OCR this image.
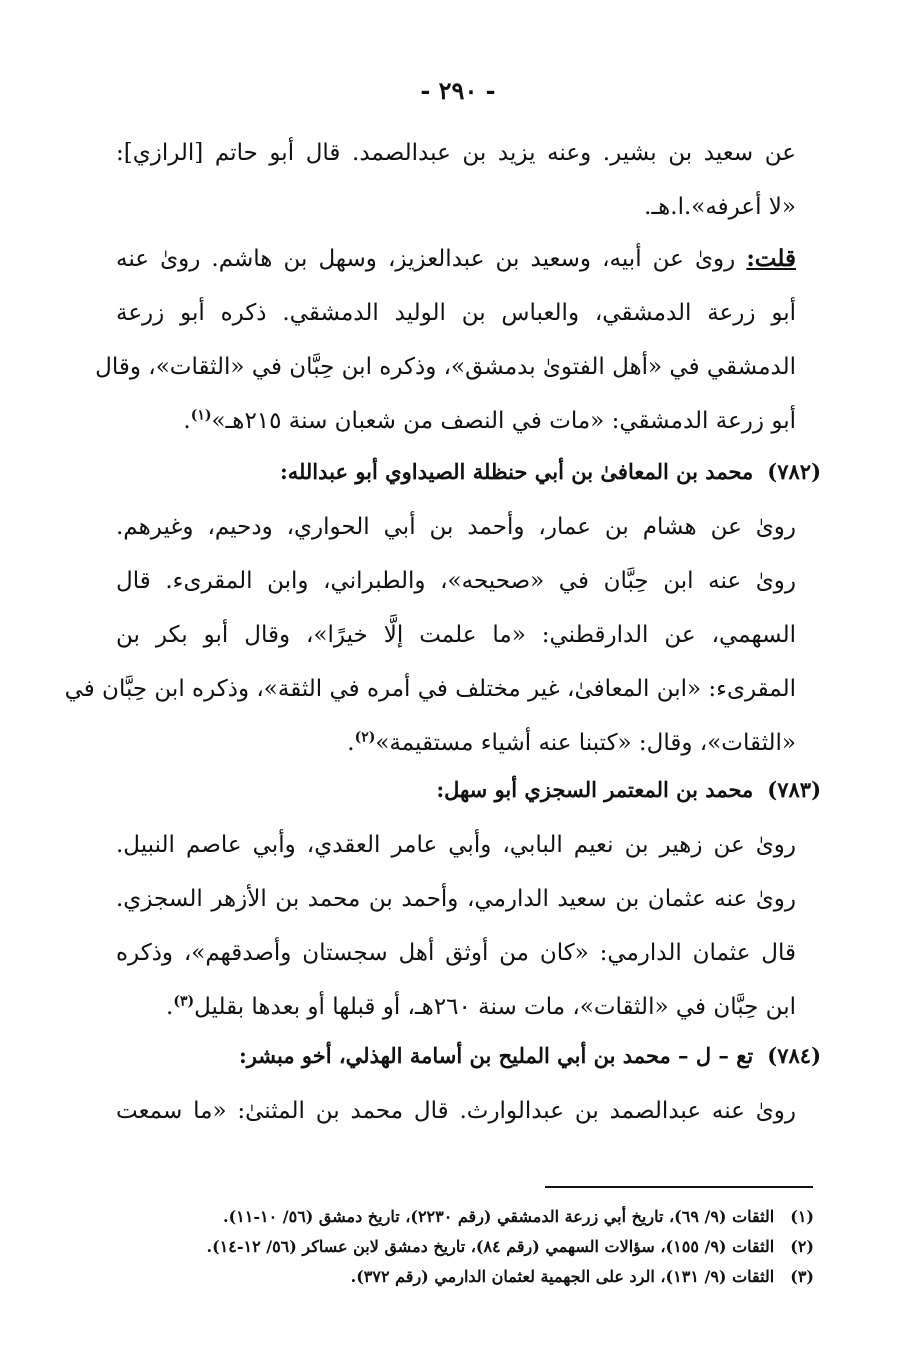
- ٢٩٠ -
عن سعيد بن بشير. وعنه يزيد بن عبدالصمد. قال أبو حاتم [الرازي]:
«لا أعرفه».ا.هـ.
قلت: روىٰ عن أبيه، وسعيد بن عبدالعزيز، وسهل بن هاشم. روىٰ عنه
أبو زرعة الدمشقي، والعباس بن الوليد الدمشقي. ذكره أبو زرعة
الدمشقي في «أهل الفتوىٰ بدمشق»، وذكره ابن حِبَّان في «الثقات»، وقال
أبو زرعة الدمشقي: «مات في النصف من شعبان سنة ٢١٥هـ»$^{(١)}$.
(٧٨٢)محمد بن المعافىٰ بن أبي حنظلة الصيداوي أبو عبدالله:
روىٰ عن هشام بن عمار، وأحمد بن أبي الحواري، ودحيم، وغيرهم.
روىٰ عنه ابن حِبَّان في «صحيحه»، والطبراني، وابن المقرىء. قال
السهمي، عن الدارقطني: «ما علمت إلَّا خيرًا»، وقال أبو بكر بن
المقرىء: «ابن المعافىٰ، غير مختلف في أمره في الثقة»، وذكره ابن حِبَّان في
«الثقات»، وقال: «كتبنا عنه أشياء مستقيمة»$^{(٢)}$.
(٧٨٣)محمد بن المعتمر السجزي أبو سهل:
روىٰ عن زهير بن نعيم البابي، وأبي عامر العقدي، وأبي عاصم النبيل.
روىٰ عنه عثمان بن سعيد الدارمي، وأحمد بن محمد بن الأزهر السجزي.
قال عثمان الدارمي: «كان من أوثق أهل سجستان وأصدقهم»، وذكره
ابن حِبَّان في «الثقات»، مات سنة ٢٦٠هـ، أو قبلها أو بعدها بقليل$^{(٣)}$.
(٧٨٤)تع – ل – محمد بن أبي المليح بن أسامة الهذلي، أخو مبشر:
روىٰ عنه عبدالصمد بن عبدالوارث. قال محمد بن المثنىٰ: «ما سمعت
(١)الثقات (٩/ ٦٩)، تاريخ أبي زرعة الدمشقي (رقم ٢٢٣٠)، تاريخ دمشق (٥٦/ ١٠-١١).
(٢)الثقات (٩/ ١٥٥)، سؤالات السهمي (رقم ٨٤)، تاريخ دمشق لابن عساكر (٥٦/ ١٢-١٤).
(٣)الثقات (٩/ ١٣١)، الرد على الجهمية لعثمان الدارمي (رقم ٣٧٢).
